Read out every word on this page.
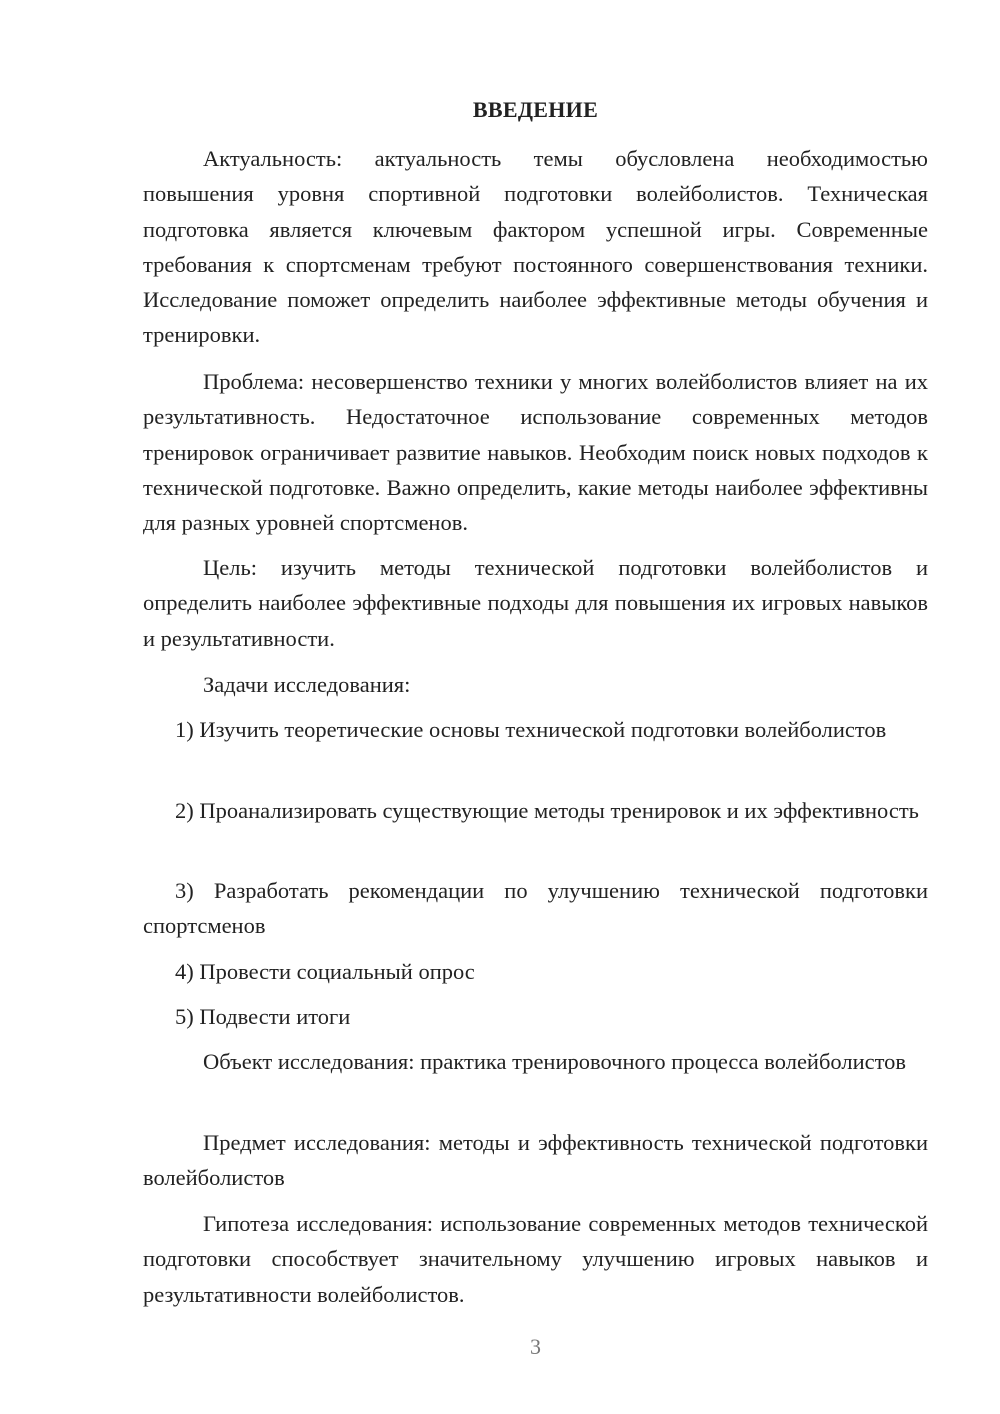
ВВЕДЕНИЕ

Актуальность: актуальность темы обусловлена необходимостью повышения уровня спортивной подготовки волейболистов. Техническая подготовка является ключевым фактором успешной игры. Современные требования к спортсменам требуют постоянного совершенствования техники. Исследование поможет определить наиболее эффективные методы обучения и тренировки.

Проблема: несовершенство техники у многих волейболистов влияет на их результативность. Недостаточное использование современных методов тренировок ограничивает развитие навыков. Необходим поиск новых подходов к технической подготовке. Важно определить, какие методы наиболее эффективны для разных уровней спортсменов.

Цель: изучить методы технической подготовки волейболистов и определить наиболее эффективные подходы для повышения их игровых навыков и результативности.

Задачи исследования:

1) Изучить теоретические основы технической подготовки волейболистов

2) Проанализировать существующие методы тренировок и их эффективность

3) Разработать рекомендации по улучшению технической подготовки спортсменов

4) Провести социальный опрос

5) Подвести итоги

Объект исследования: практика тренировочного процесса волейболистов

Предмет исследования: методы и эффективность технической подготовки волейболистов

Гипотеза исследования: использование современных методов технической подготовки способствует значительному улучшению игровых навыков и результативности волейболистов.

3
